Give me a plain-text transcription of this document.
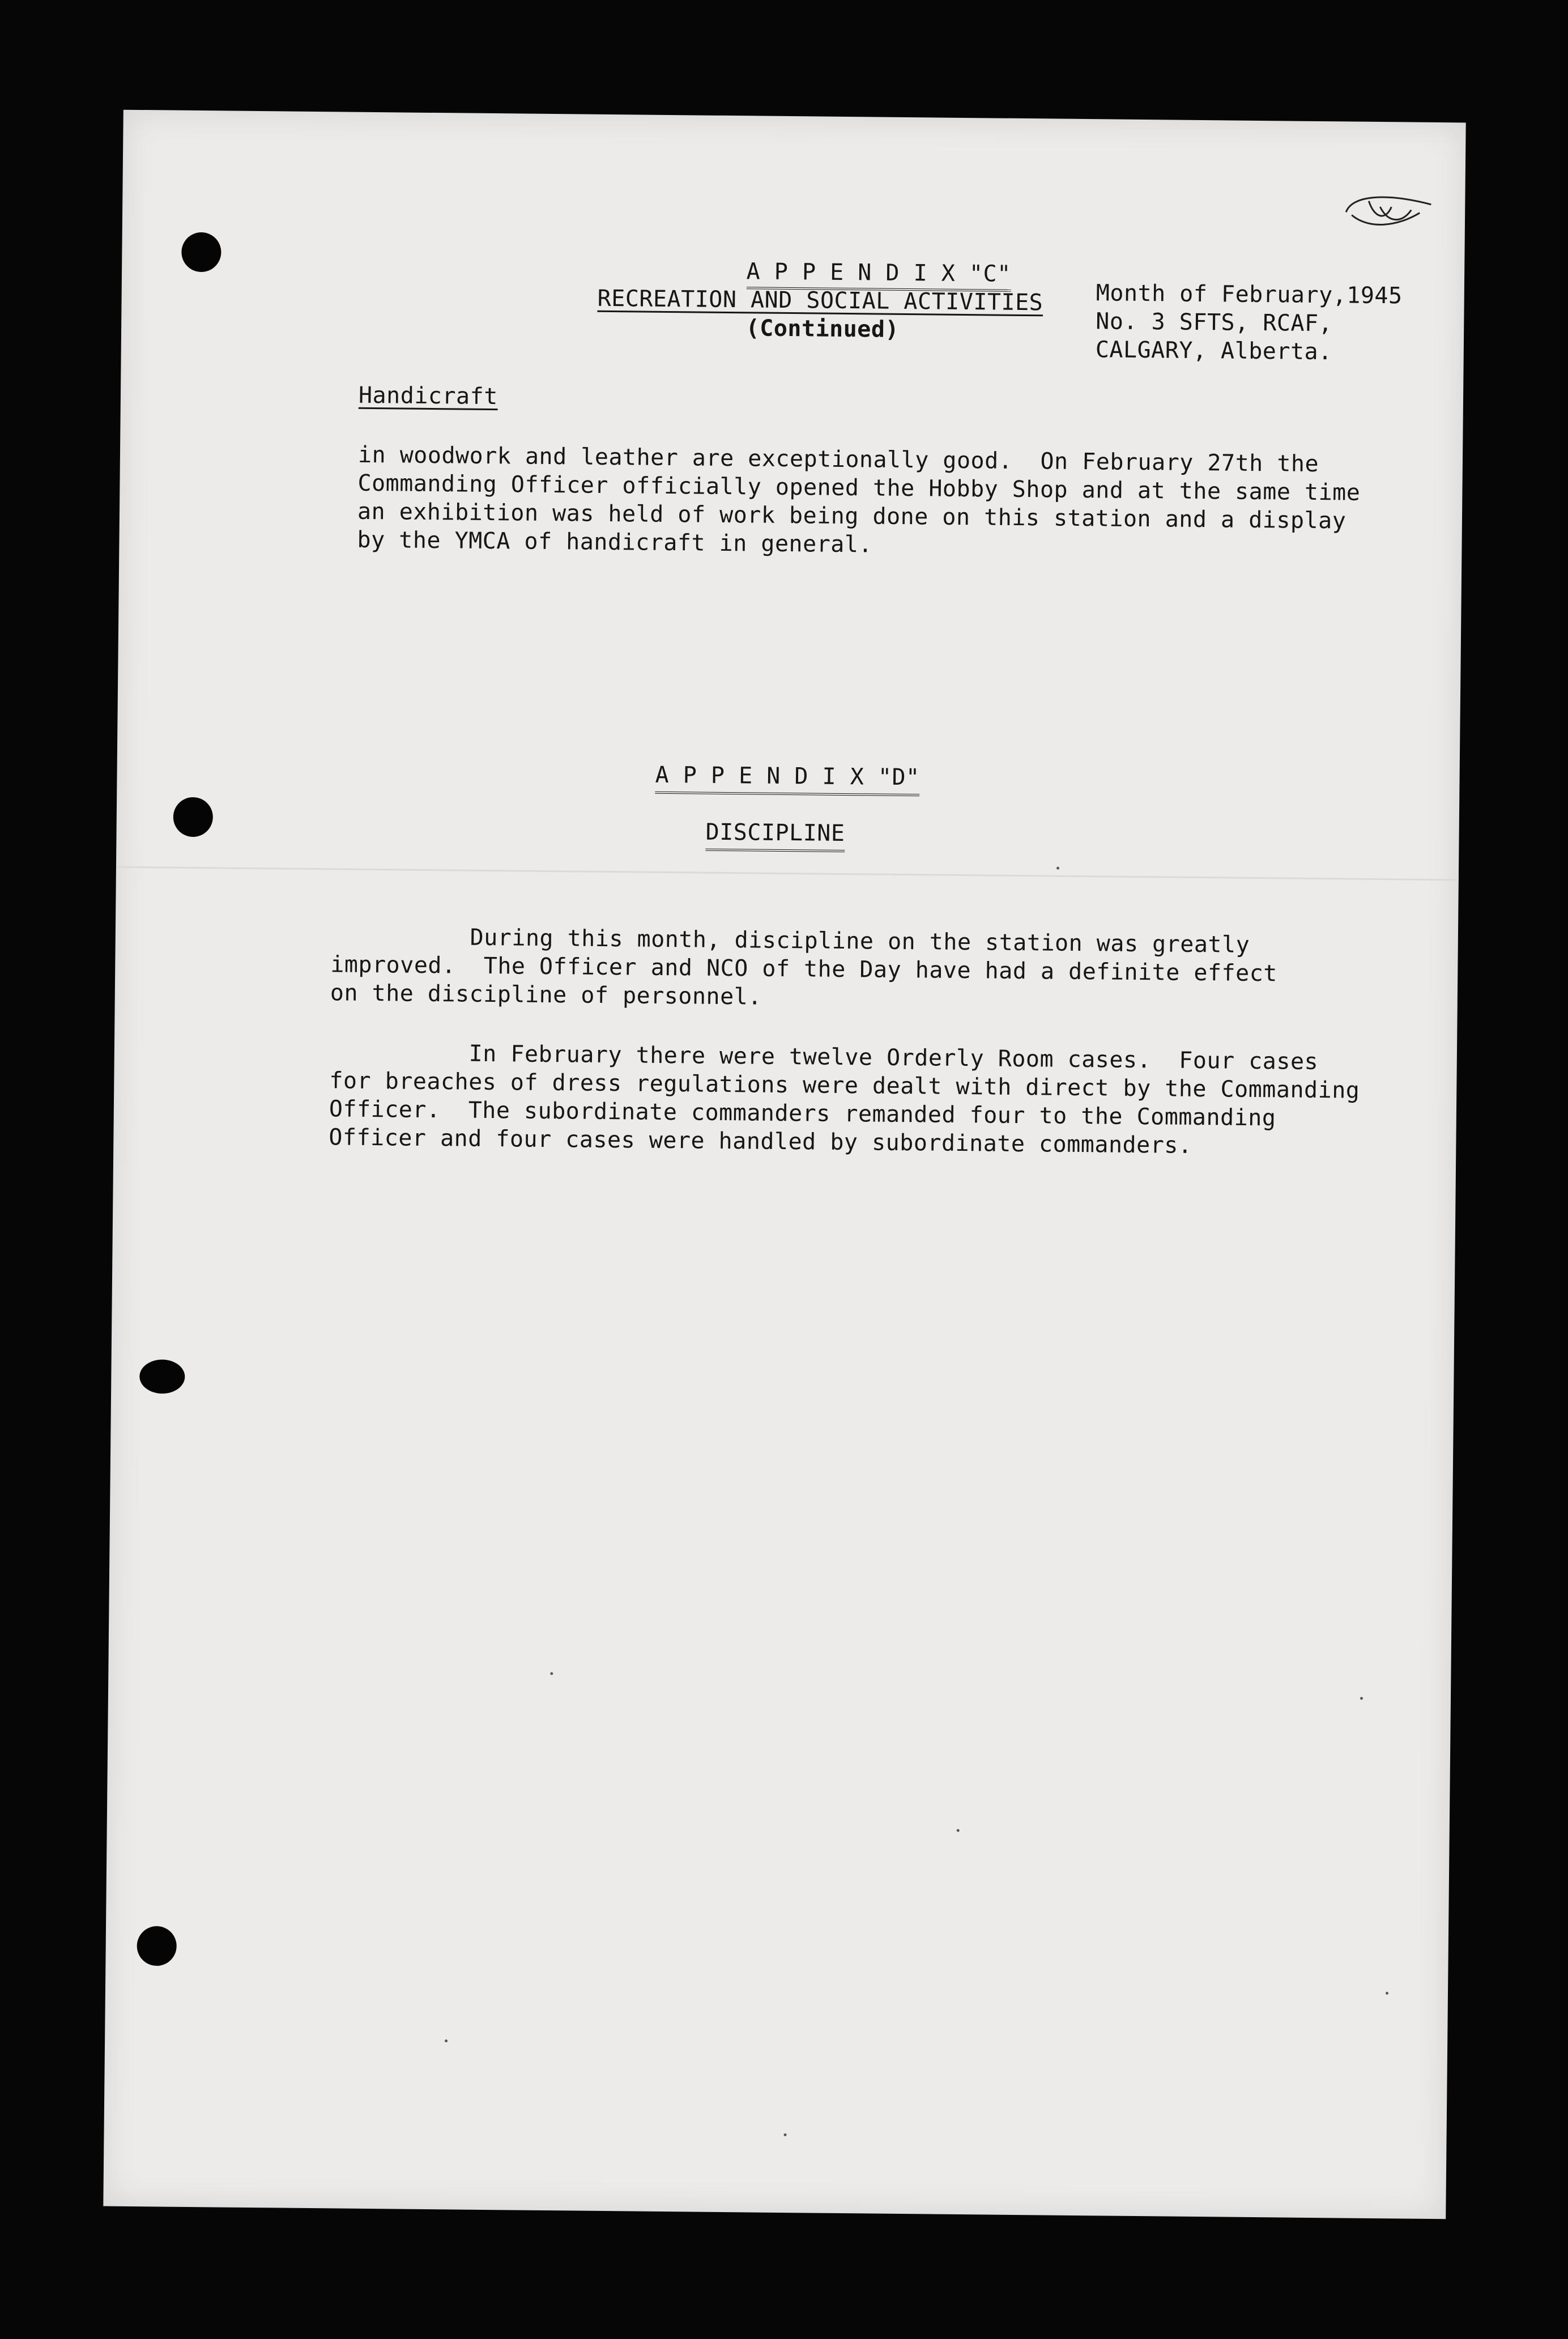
A P P E N D I X "C"

(Continued)

RECREATION AND SOCIAL ACTIVITIES Month of February,1945
No. 3 SFTS, RCAF,
CALGARY, Alberta.
Handicraft
in woodwork and leather are exceptionally good.  On February 27th the
Commanding Officer officially opened the Hobby Shop and at the same time
an exhibition was held of work being done on this station and a display
by the YMCA of handicraft in general.
A P P E N D I X "D"
DISCIPLINE
During this month, discipline on the station was greatly
improved.  The Officer and NCO of the Day have had a definite effect
on the discipline of personnel.
In February there were twelve Orderly Room cases.  Four cases
for breaches of dress regulations were dealt with direct by the Commanding
Officer.  The subordinate commanders remanded four to the Commanding
Officer and four cases were handled by subordinate commanders.
